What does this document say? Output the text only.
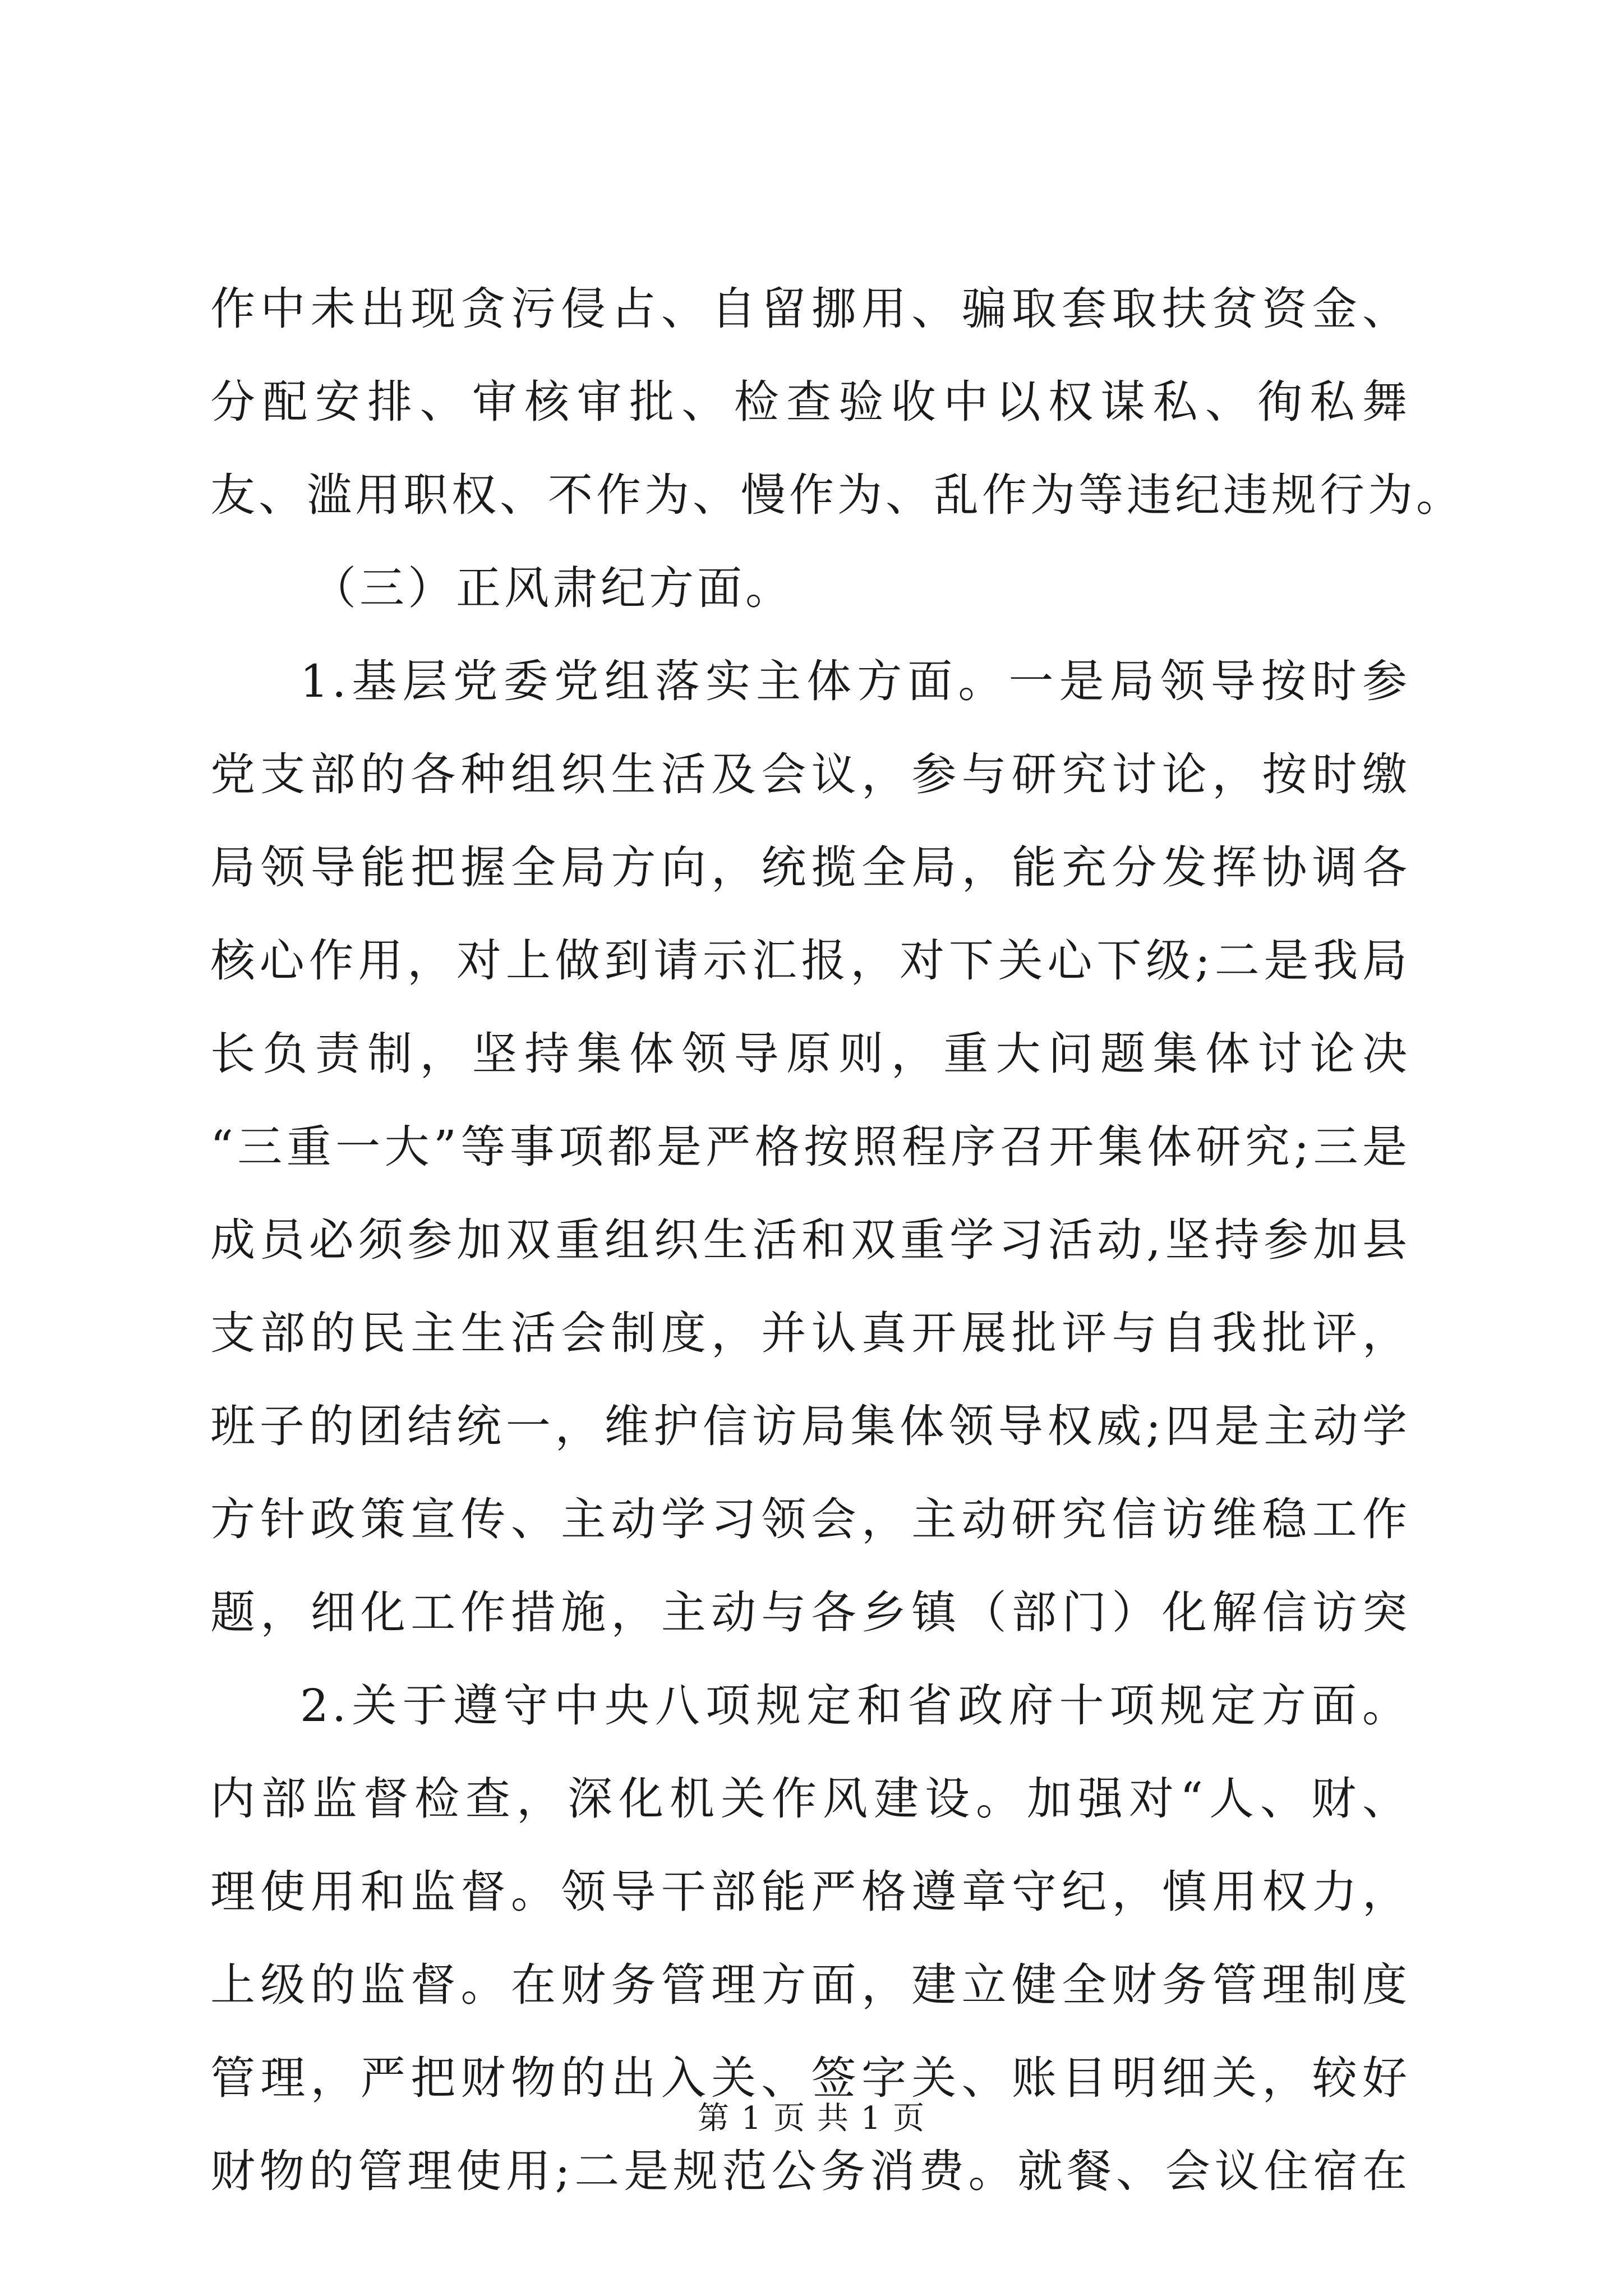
作中未出现贪污侵占、自留挪用、骗取套取扶贫资金、
分配安排、审核审批、检查验收中以权谋私、徇私舞
友、滥用职权、不作为、慢作为、乱作为等违纪违规行为。
（三）正风肃纪方面。
1.基层党委党组落实主体方面。一是局领导按时参
党支部的各种组织生活及会议，参与研究讨论，按时缴
局领导能把握全局方向，统揽全局，能充分发挥协调各
核心作用，对上做到请示汇报，对下关心下级;二是我局
长负责制，坚持集体领导原则，重大问题集体讨论决
“三重一大”等事项都是严格按照程序召开集体研究;三是
成员必须参加双重组织生活和双重学习活动,坚持参加县
支部的民主生活会制度，并认真开展批评与自我批评，
班子的团结统一，维护信访局集体领导权威;四是主动学
方针政策宣传、主动学习领会，主动研究信访维稳工作
题，细化工作措施，主动与各乡镇（部门）化解信访突
2.关于遵守中央八项规定和省政府十项规定方面。
内部监督检查，深化机关作风建设。加强对“人、财、
理使用和监督。领导干部能严格遵章守纪，慎用权力，
上级的监督。在财务管理方面，建立健全财务管理制度
管理，严把财物的出入关、签字关、账目明细关，较好
财物的管理使用;二是规范公务消费。就餐、会议住宿在
第 1 页 共 1 页
